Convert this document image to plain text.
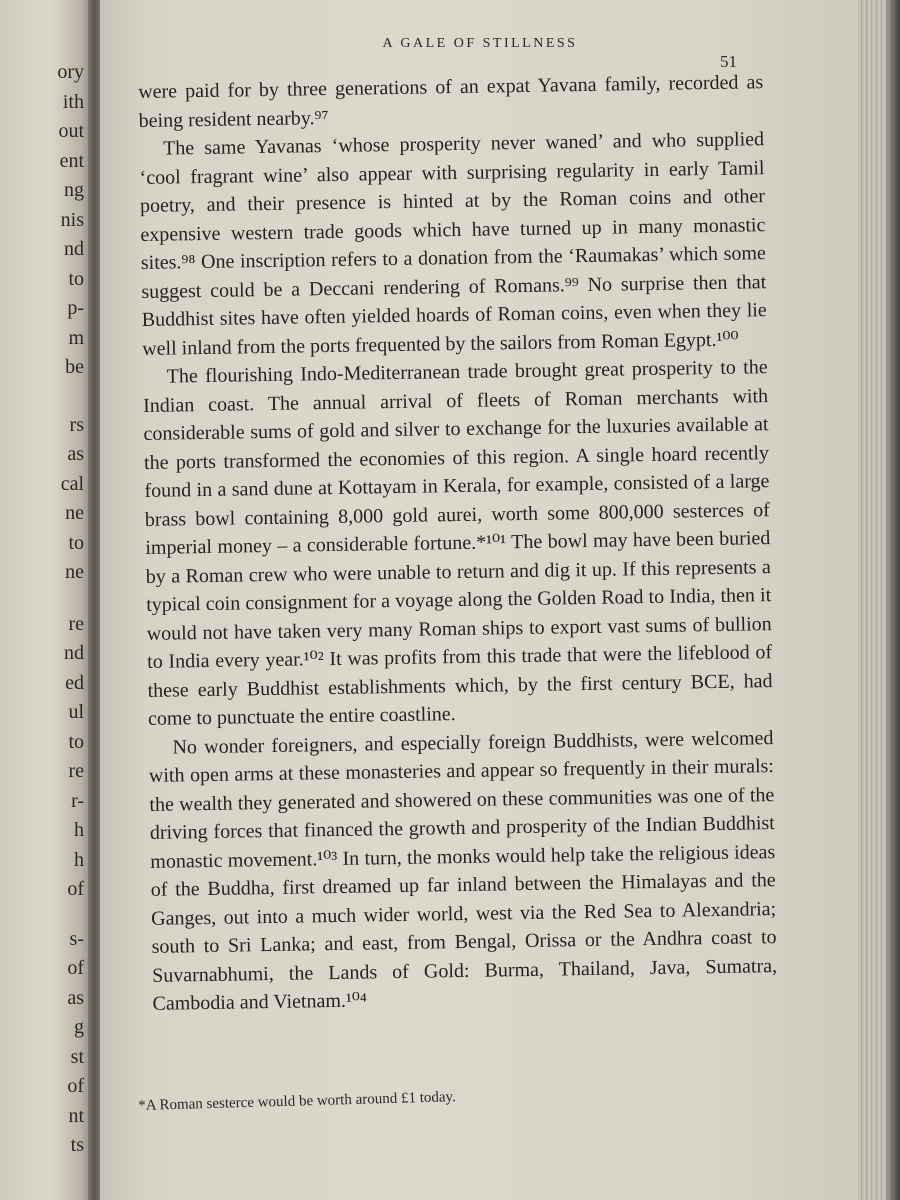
ory
ith
out
ent
ng
nis
nd
to
p-
m
be
rs
as
cal
ne
to
ne
re
nd
ed
ul
to
re
r-
h
h
of
s-
of
as
g
st
of
nt
ts
A GALE OF STILLNESS
51

were paid for by three generations of an expat Yavana family, recorded as being resident nearby.⁹⁷

The same Yavanas ‘whose prosperity never waned’ and who supplied ‘cool fragrant wine’ also appear with surprising regularity in early Tamil poetry, and their presence is hinted at by the Roman coins and other expensive western trade goods which have turned up in many monastic sites.⁹⁸ One inscription refers to a donation from the ‘Raumakas’ which some suggest could be a Deccani rendering of Romans.⁹⁹ No surprise then that Buddhist sites have often yielded hoards of Roman coins, even when they lie well inland from the ports frequented by the sailors from Roman Egypt.¹⁰⁰

The flourishing Indo-Mediterranean trade brought great prosperity to the Indian coast. The annual arrival of fleets of Roman merchants with considerable sums of gold and silver to exchange for the luxuries available at the ports transformed the economies of this region. A single hoard recently found in a sand dune at Kottayam in Kerala, for example, consisted of a large brass bowl containing 8,000 gold aurei, worth some 800,000 sesterces of imperial money – a considerable fortune.*¹⁰¹ The bowl may have been buried by a Roman crew who were unable to return and dig it up. If this represents a typical coin consignment for a voyage along the Golden Road to India, then it would not have taken very many Roman ships to export vast sums of bullion to India every year.¹⁰² It was profits from this trade that were the lifeblood of these early Buddhist establishments which, by the first century BCE, had come to punctuate the entire coastline.

No wonder foreigners, and especially foreign Buddhists, were welcomed with open arms at these monasteries and appear so frequently in their murals: the wealth they generated and showered on these communities was one of the driving forces that financed the growth and prosperity of the Indian Buddhist monastic movement.¹⁰³ In turn, the monks would help take the religious ideas of the Buddha, first dreamed up far inland between the Himalayas and the Ganges, out into a much wider world, west via the Red Sea to Alexandria; south to Sri Lanka; and east, from Bengal, Orissa or the Andhra coast to Suvarnabhumi, the Lands of Gold: Burma, Thailand, Java, Sumatra, Cambodia and Vietnam.¹⁰⁴

*A Roman sesterce would be worth around £1 today.
